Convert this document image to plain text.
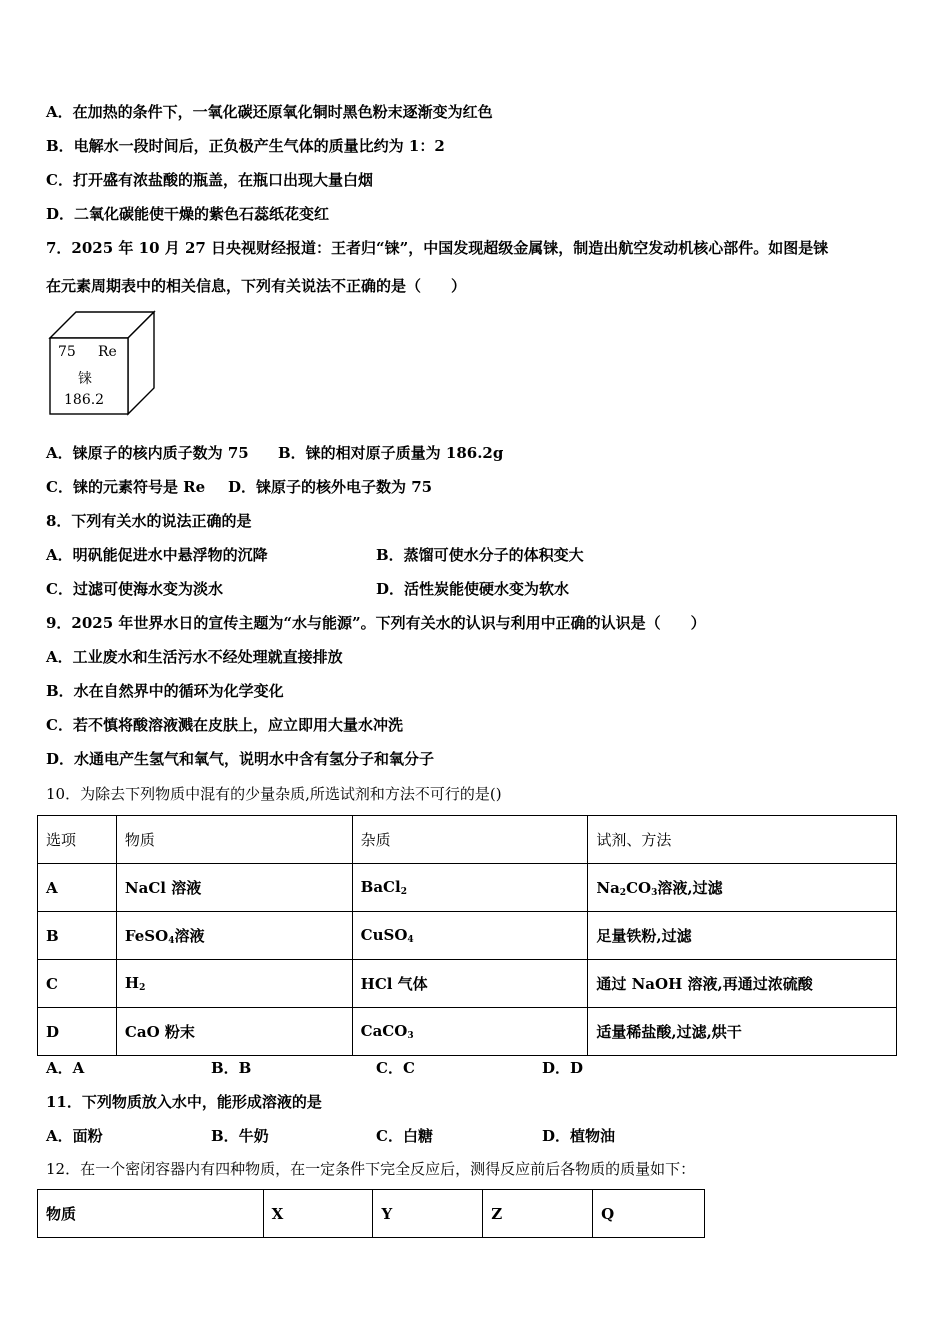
A．在加热的条件下，一氧化碳还原氧化铜时黑色粉末逐渐变为红色
B．电解水一段时间后，正负极产生气体的质量比约为 1：2
C．打开盛有浓盐酸的瓶盖，在瓶口出现大量白烟
D．二氧化碳能使干燥的紫色石蕊纸花变红
7．2025 年 10 月 27 日央视财经报道：王者归“铼”，中国发现超级金属铼，制造出航空发动机核心部件。如图是铼
在元素周期表中的相关信息，下列有关说法不正确的是（　　）
75 Re
铼
186.2
A．铼原子的核内质子数为 75 B．铼的相对原子质量为 186.2g
C．铼的元素符号是 Re D．铼原子的核外电子数为 75
8．下列有关水的说法正确的是
A．明矾能促进水中悬浮物的沉降	B．蒸馏可使水分子的体积变大
C．过滤可使海水变为淡水	D．活性炭能使硬水变为软水
9．2025 年世界水日的宣传主题为“水与能源”。下列有关水的认识与利用中正确的认识是（　　）
A．工业废水和生活污水不经处理就直接排放
B．水在自然界中的循环为化学变化
C．若不慎将酸溶液溅在皮肤上，应立即用大量水冲洗
D．水通电产生氢气和氧气，说明水中含有氢分子和氧分子
10．为除去下列物质中混有的少量杂质,所选试剂和方法不可行的是()
选项	物质	杂质	试剂、方法
A	NaCl 溶液	BaCl$_2$	$Na_2CO_3$溶液,过滤
B	FeSO$_4$溶液	CuSO$_4$	足量铁粉,过滤
C	$H_2$	HCl 气体	通过 NaOH 溶液,再通过浓硫酸
D	CaO 粉末	CaCO$_3$	适量稀盐酸,过滤,烘干
A．A	B．B	C．C	D．D
11．下列物质放入水中，能形成溶液的是
A．面粉	B．牛奶	C．白糖	D．植物油
12．在一个密闭容器内有四种物质，在一定条件下完全反应后，测得反应前后各物质的质量如下：
物质	X	Y	Z	Q
